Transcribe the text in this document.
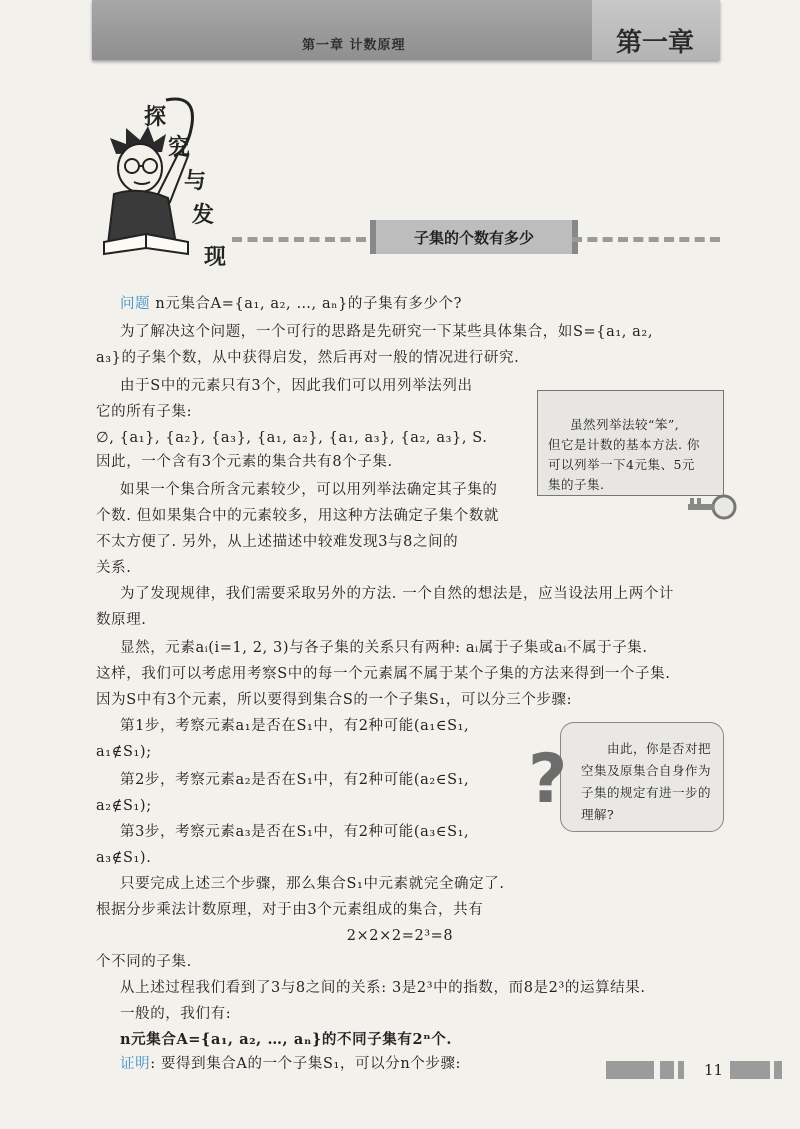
第一章 计数原理	第一章
探
究
与
发
现
子集的个数有多少
问题 n元集合A={a₁, a₂, …, aₙ}的子集有多少个?
为了解决这个问题，一个可行的思路是先研究一下某些具体集合，如S={a₁, a₂,
a₃}的子集个数，从中获得启发，然后再对一般的情况进行研究.
由于S中的元素只有3个，因此我们可以用列举法列出
它的所有子集:
∅, {a₁}, {a₂}, {a₃}, {a₁, a₂}, {a₁, a₃}, {a₂, a₃}, S.
因此，一个含有3个元素的集合共有8个子集.
如果一个集合所含元素较少，可以用列举法确定其子集的
个数. 但如果集合中的元素较多，用这种方法确定子集个数就
不太方便了. 另外，从上述描述中较难发现3与8之间的
关系.
为了发现规律，我们需要采取另外的方法. 一个自然的想法是，应当设法用上两个计
数原理.
显然，元素aᵢ(i=1, 2, 3)与各子集的关系只有两种: aᵢ属于子集或aᵢ不属于子集.
这样，我们可以考虑用考察S中的每一个元素属不属于某个子集的方法来得到一个子集.
因为S中有3个元素，所以要得到集合S的一个子集S₁，可以分三个步骤:
第1步，考察元素a₁是否在S₁中，有2种可能(a₁∈S₁,
a₁∉S₁);
第2步，考察元素a₂是否在S₁中，有2种可能(a₂∈S₁,
a₂∉S₁);
第3步，考察元素a₃是否在S₁中，有2种可能(a₃∈S₁,
a₃∉S₁).
只要完成上述三个步骤，那么集合S₁中元素就完全确定了.
根据分步乘法计数原理，对于由3个元素组成的集合，共有
2×2×2=2³=8
个不同的子集.
从上述过程我们看到了3与8之间的关系: 3是2³中的指数，而8是2³的运算结果.
一般的，我们有:
n元集合A={a₁, a₂, …, aₙ}的不同子集有2ⁿ个.
证明: 要得到集合A的一个子集S₁，可以分n个步骤:
虽然列举法较“笨”,
但它是计数的基本方法. 你
可以列举一下4元集、5元
集的子集.
由此，你是否对把
空集及原集合自身作为
子集的规定有进一步的
理解?
?
11
